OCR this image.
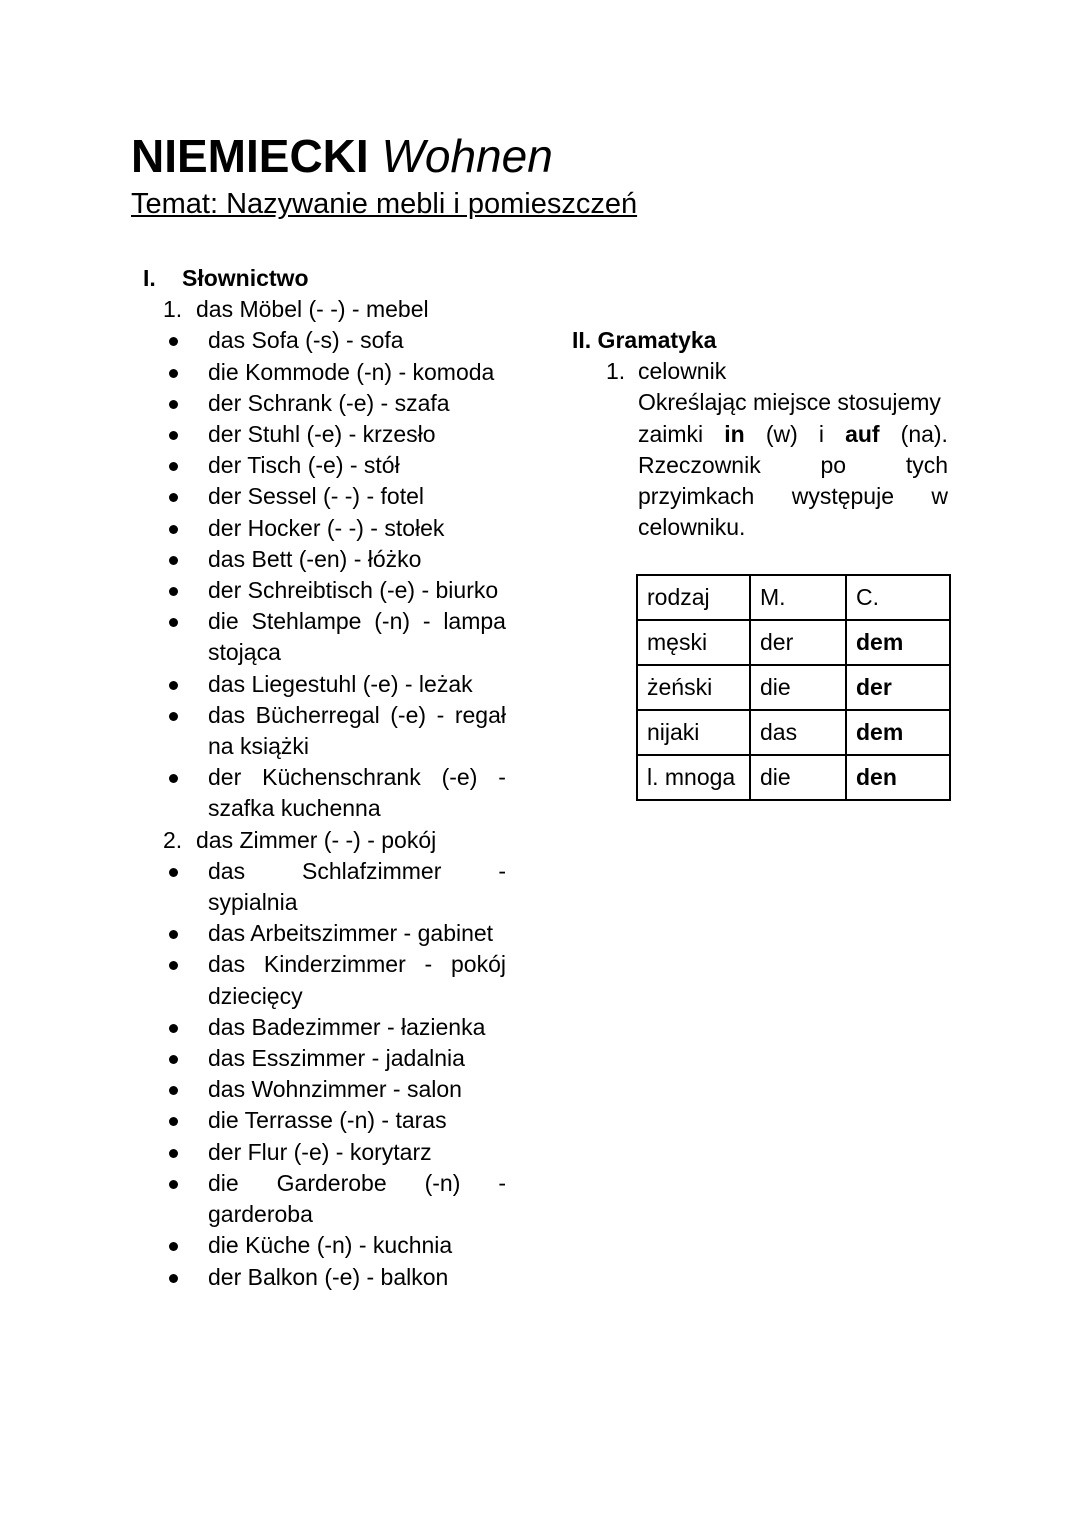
NIEMIECKI Wohnen
Temat: Nazywanie mebli i pomieszczeń
I. Słownictwo
1. das Möbel (- -) - mebel
das Sofa (-s) - sofa
die Kommode (-n) - komoda
der Schrank (-e) - szafa
der Stuhl (-e) - krzesło
der Tisch (-e) - stół
der Sessel (- -) - fotel
der Hocker (- -) - stołek
das Bett (-en) - łóżko
der Schreibtisch (-e) - biurko
die Stehlampe (-n) - lampa
stojąca
das Liegestuhl (-e) - leżak
das Bücherregal (-e) - regał
na książki
der Küchenschrank (-e) -
szafka kuchenna
2. das Zimmer (- -) - pokój
das Schlafzimmer -
sypialnia
das Arbeitszimmer - gabinet
das Kinderzimmer - pokój
dziecięcy
das Badezimmer - łazienka
das Esszimmer - jadalnia
das Wohnzimmer - salon
die Terrasse (-n) - taras
der Flur (-e) - korytarz
die Garderobe (-n) -
garderoba
die Küche (-n) - kuchnia
der Balkon (-e) - balkon
II. Gramatyka
1. celownik
Określając miejsce stosujemy
zaimki in (w) i auf (na).
Rzeczownik	po	tych
przyimkach występuje w
celowniku.
rodzaj	M.	C.
męski	der	dem
żeński	die	der
nijaki	das	dem
l. mnoga	die	den
